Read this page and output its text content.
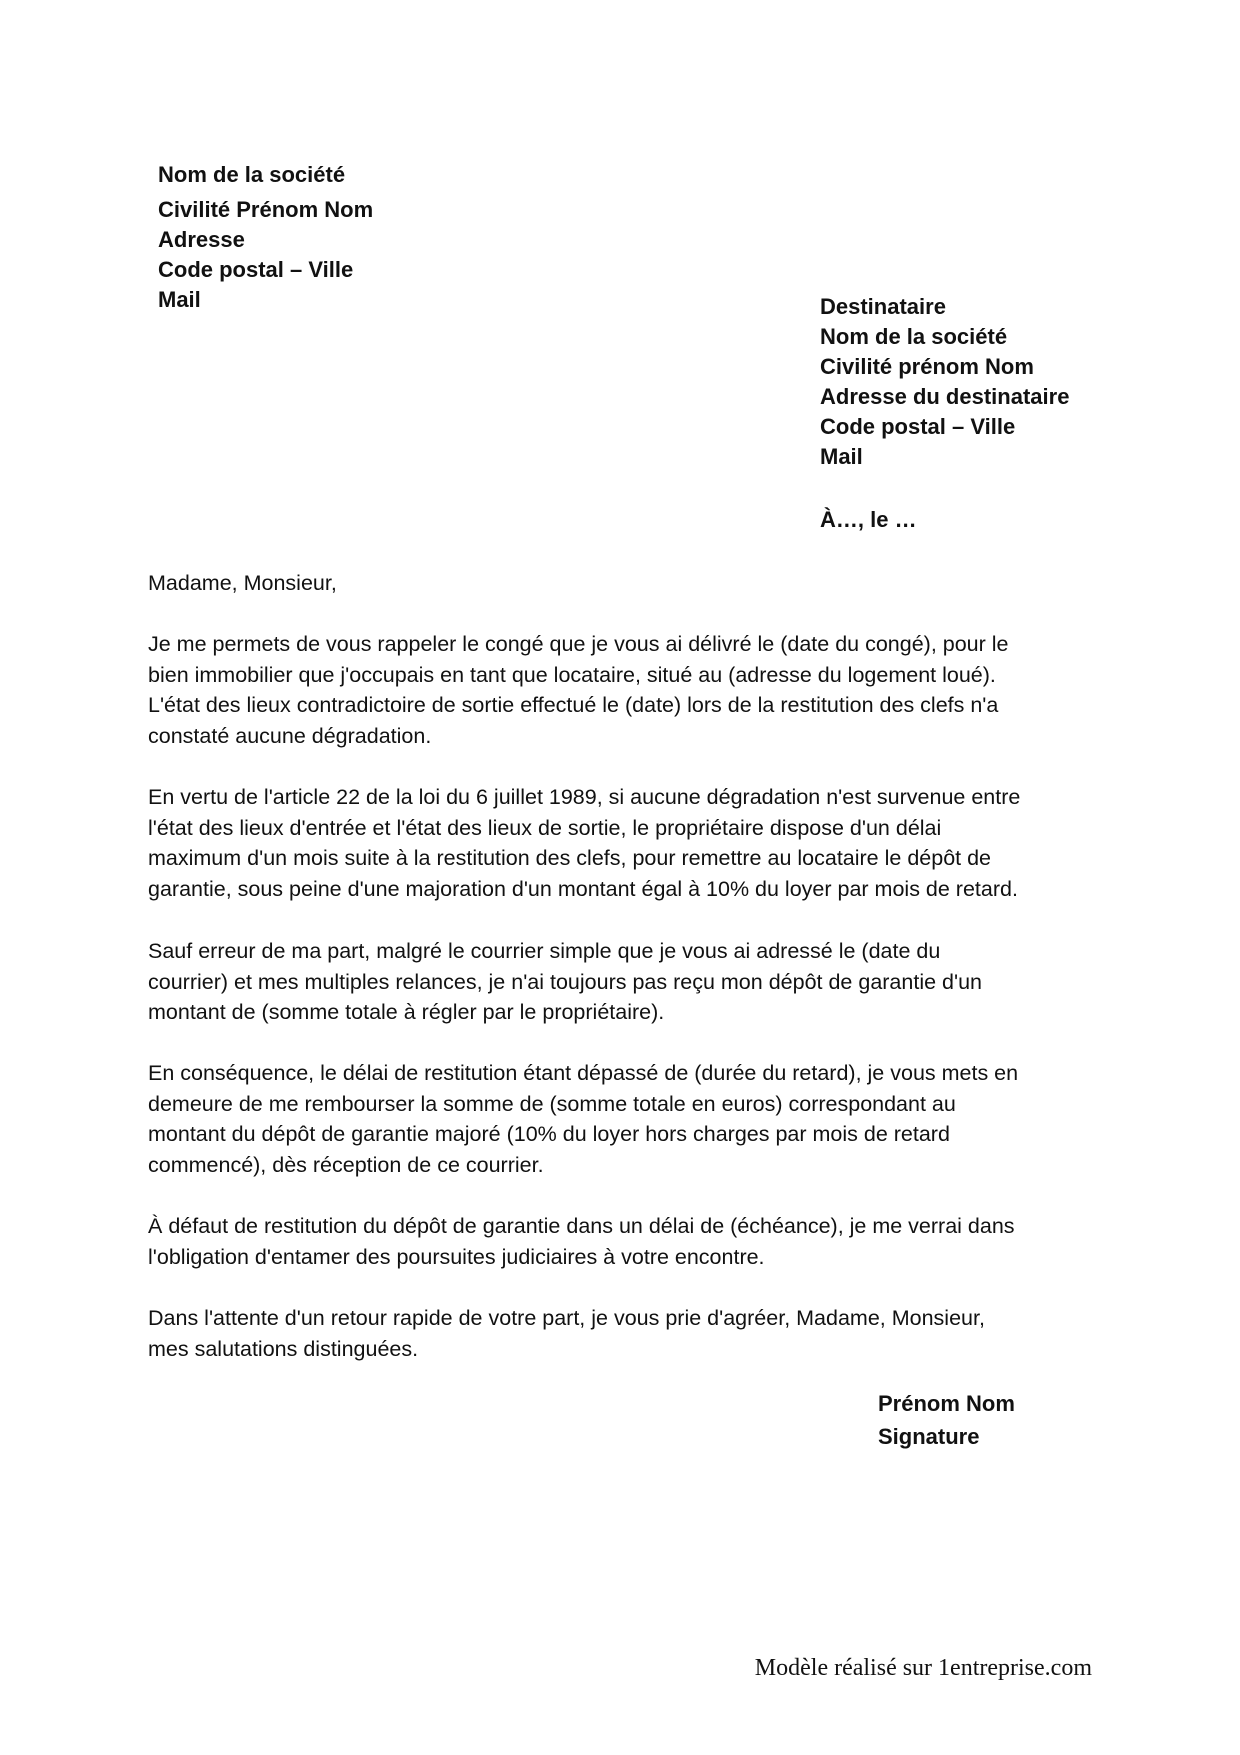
Nom de la société
Civilité Prénom Nom
Adresse
Code postal – Ville
Mail	Destinataire
Nom de la société
Civilité prénom Nom
Adresse du destinataire
Code postal – Ville
Mail
À…, le …
Madame, Monsieur,
Je me permets de vous rappeler le congé que je vous ai délivré le (date du congé), pour le
bien immobilier que j'occupais en tant que locataire, situé au (adresse du logement loué).
L'état des lieux contradictoire de sortie effectué le (date) lors de la restitution des clefs n'a
constaté aucune dégradation.
En vertu de l'article 22 de la loi du 6 juillet 1989, si aucune dégradation n'est survenue entre
l'état des lieux d'entrée et l'état des lieux de sortie, le propriétaire dispose d'un délai
maximum d'un mois suite à la restitution des clefs, pour remettre au locataire le dépôt de
garantie, sous peine d'une majoration d'un montant égal à 10% du loyer par mois de retard.
Sauf erreur de ma part, malgré le courrier simple que je vous ai adressé le (date du
courrier) et mes multiples relances, je n'ai toujours pas reçu mon dépôt de garantie d'un
montant de (somme totale à régler par le propriétaire).
En conséquence, le délai de restitution étant dépassé de (durée du retard), je vous mets en
demeure de me rembourser la somme de (somme totale en euros) correspondant au
montant du dépôt de garantie majoré (10% du loyer hors charges par mois de retard
commencé), dès réception de ce courrier.
À défaut de restitution du dépôt de garantie dans un délai de (échéance), je me verrai dans
l'obligation d'entamer des poursuites judiciaires à votre encontre.
Dans l'attente d'un retour rapide de votre part, je vous prie d'agréer, Madame, Monsieur,
mes salutations distinguées.
Prénom Nom
Signature
Modèle réalisé sur 1entreprise.com
